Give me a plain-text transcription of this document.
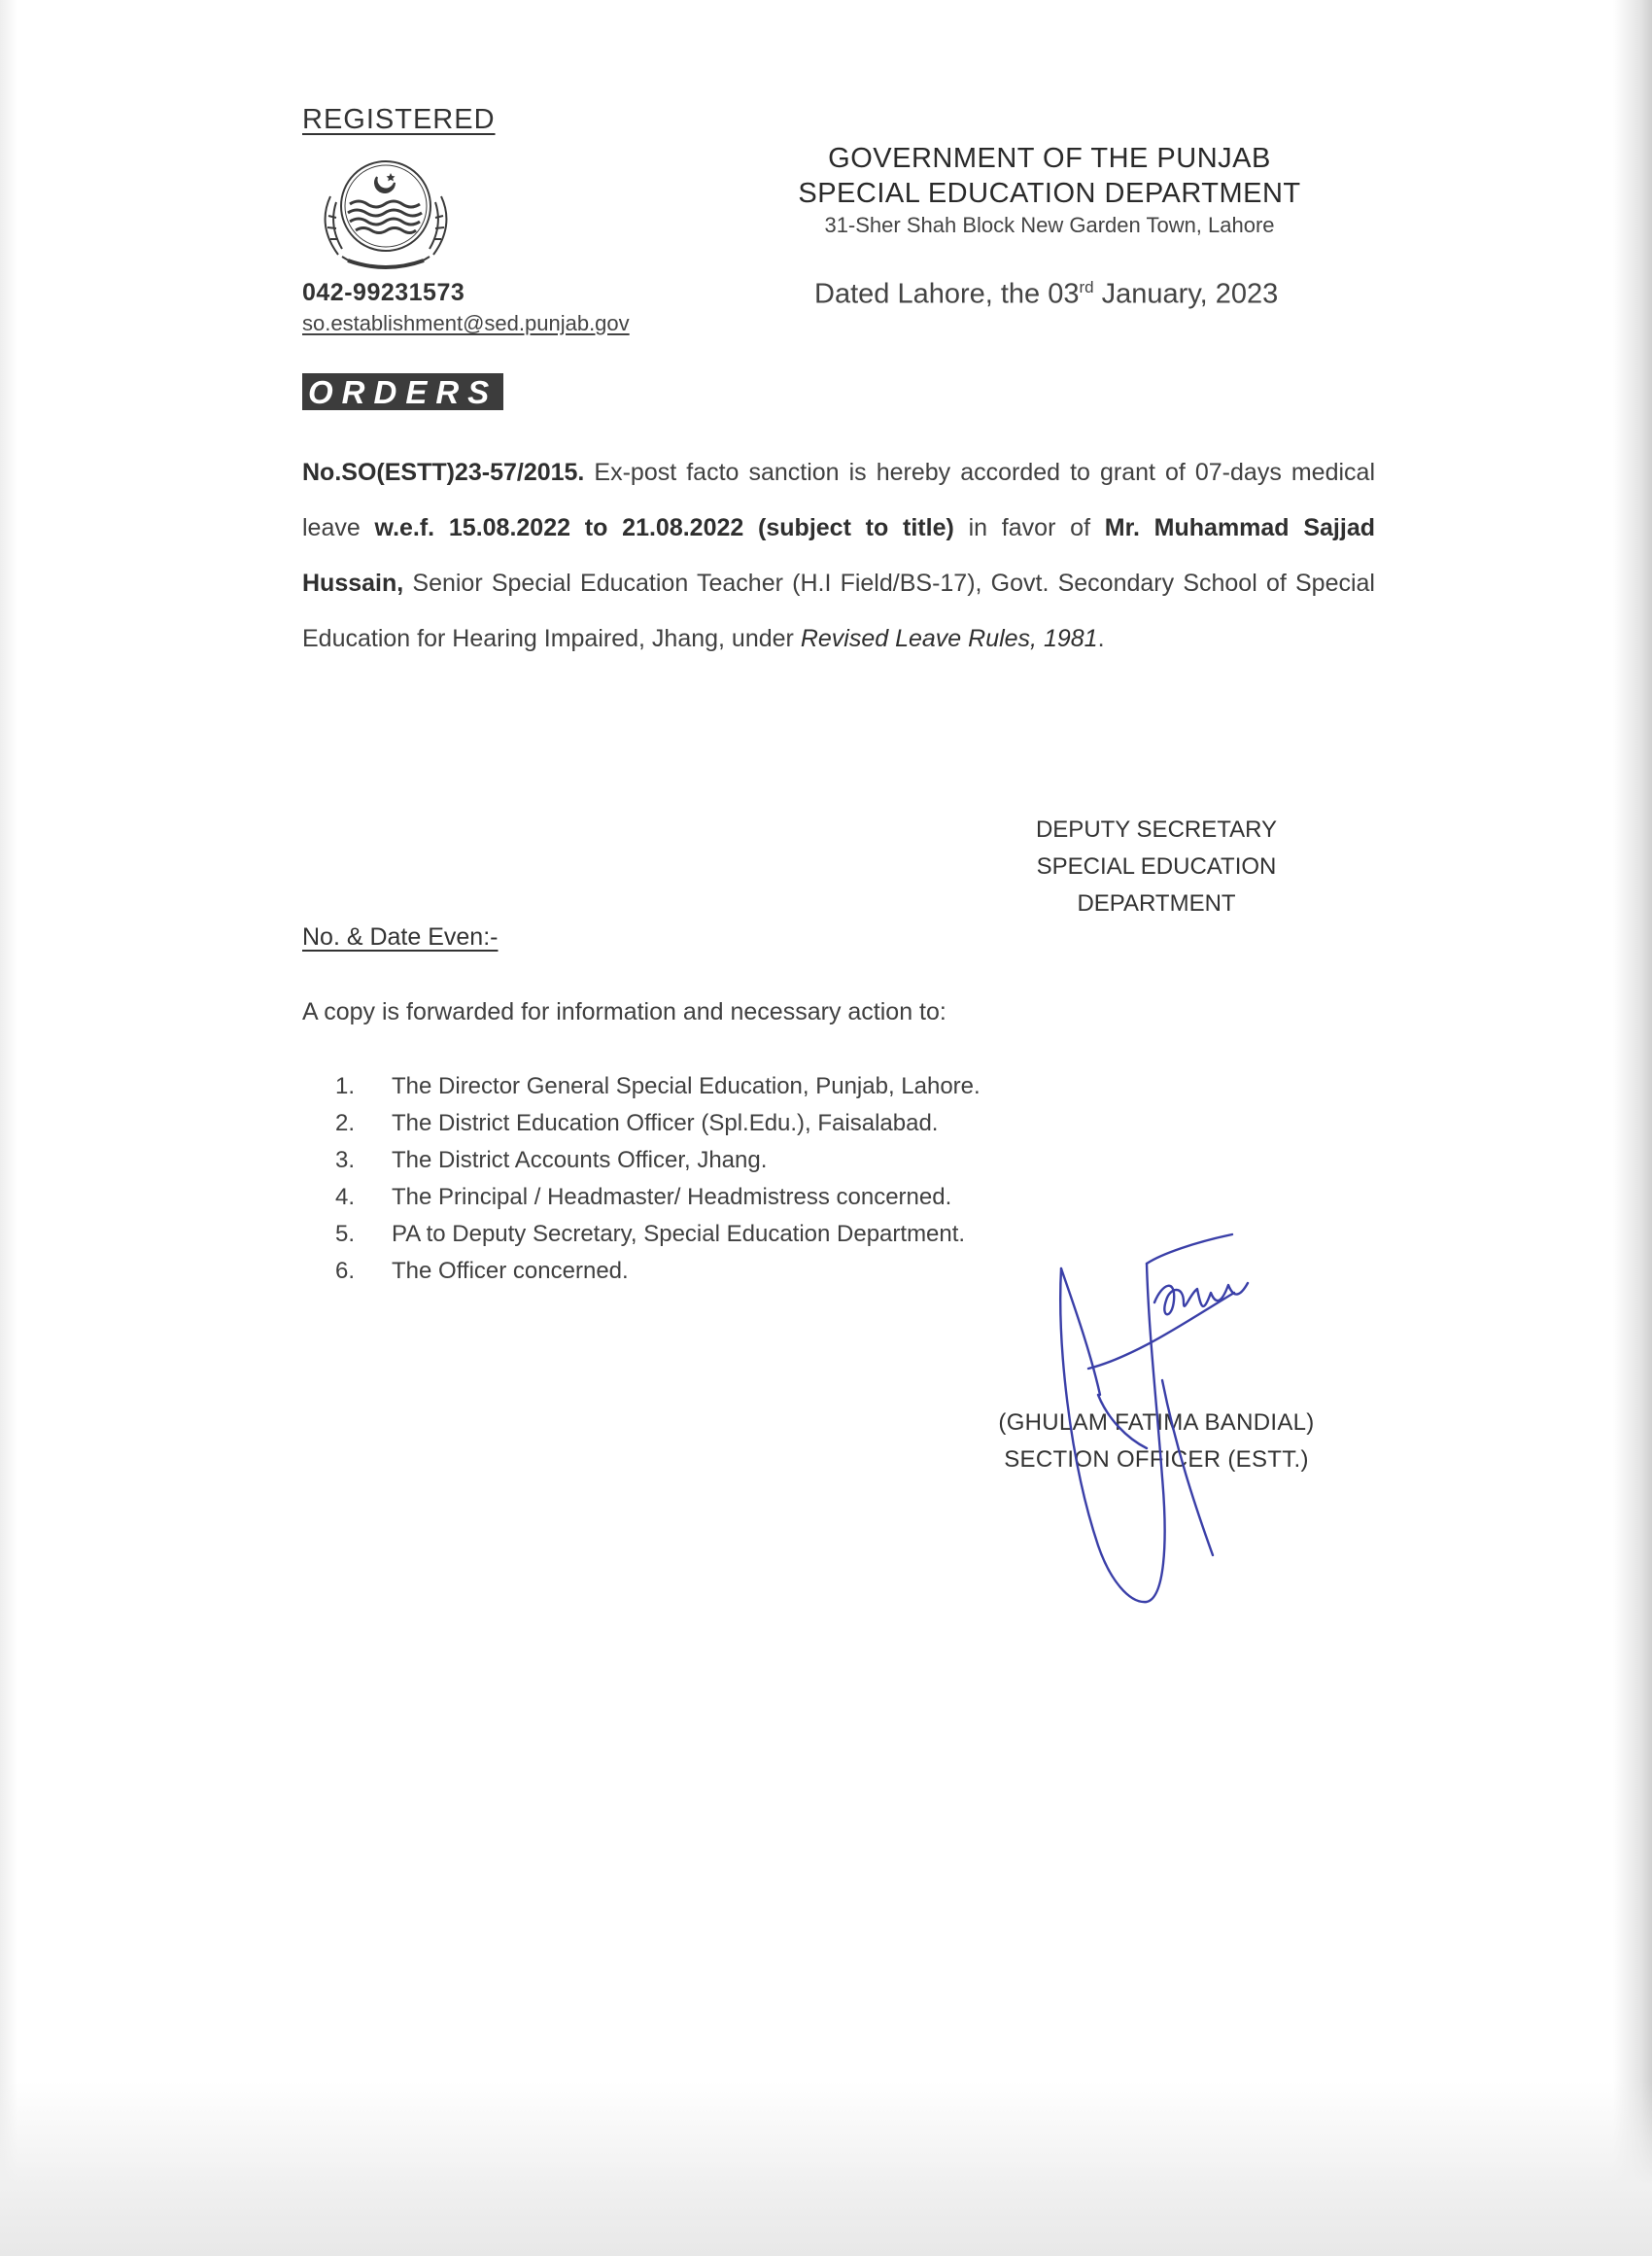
REGISTERED
GOVERNMENT OF THE PUNJAB
SPECIAL EDUCATION DEPARTMENT
31-Sher Shah Block New Garden Town, Lahore
042-99231573
so.establishment@sed.punjab.gov
Dated Lahore, the 03rd January, 2023
ORDERS
No.SO(ESTT)23-57/2015. Ex-post facto sanction is hereby accorded to grant of 07-days medical leave w.e.f. 15.08.2022 to 21.08.2022 (subject to title) in favor of Mr. Muhammad Sajjad Hussain, Senior Special Education Teacher (H.I Field/BS-17), Govt. Secondary School of Special Education for Hearing Impaired, Jhang, under Revised Leave Rules, 1981.
DEPUTY SECRETARY
SPECIAL EDUCATION
DEPARTMENT
No. & Date Even:-
A copy is forwarded for information and necessary action to:
1.	The Director General Special Education, Punjab, Lahore.
2.	The District Education Officer (Spl.Edu.), Faisalabad.
3.	The District Accounts Officer, Jhang.
4.	The Principal / Headmaster/ Headmistress concerned.
5.	PA to Deputy Secretary, Special Education Department.
6.	The Officer concerned.
(GHULAM FATIMA BANDIAL)
SECTION OFFICER (ESTT.)
